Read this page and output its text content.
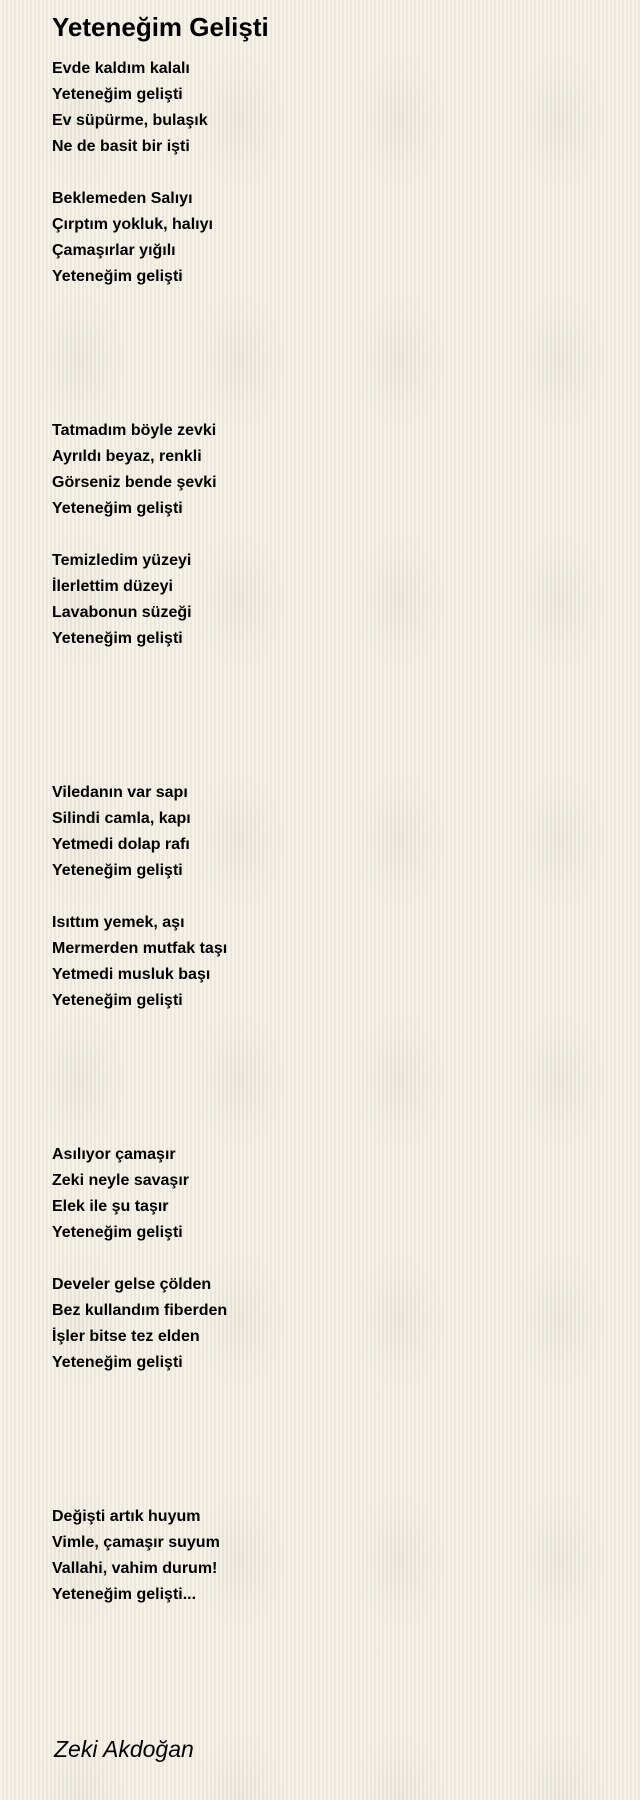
Yeteneğim Gelişti
Evde kaldım kalalı
Yeteneğim gelişti
Ev süpürme, bulaşık
Ne de basit bir işti
Beklemeden Salıyı
Çırptım yokluk, halıyı
Çamaşırlar yığılı
Yeteneğim gelişti
Tatmadım böyle zevki
Ayrıldı beyaz, renkli
Görseniz bende şevki
Yeteneğim gelişti
Temizledim yüzeyi
İlerlettim düzeyi
Lavabonun süzeği
Yeteneğim gelişti
Viledanın var sapı
Silindi camla, kapı
Yetmedi dolap rafı
Yeteneğim gelişti
Isıttım yemek, aşı
Mermerden mutfak taşı
Yetmedi musluk başı
Yeteneğim gelişti
Asılıyor çamaşır
Zeki neyle savaşır
Elek ile şu taşır
Yeteneğim gelişti
Develer gelse çölden
Bez kullandım fiberden
İşler bitse tez elden
Yeteneğim gelişti
Değişti artık huyum
Vimle, çamaşır suyum
Vallahi, vahim durum!
Yeteneğim gelişti...
Zeki Akdoğan
